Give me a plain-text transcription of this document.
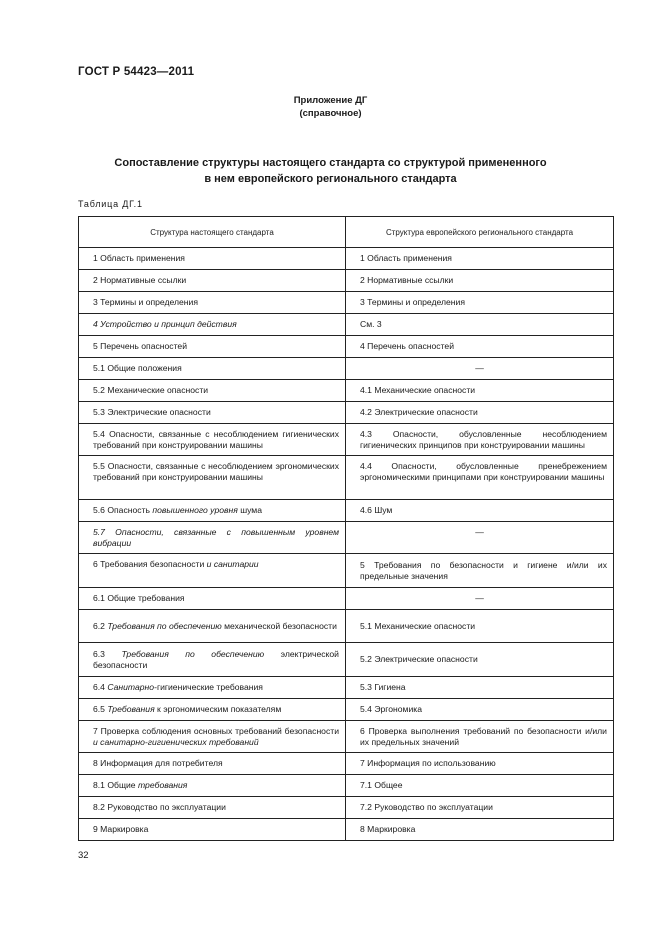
ГОСТ Р 54423—2011
Приложение ДГ
(справочное)
Сопоставление структуры настоящего стандарта со структурой примененного
в нем европейского регионального стандарта
Таблица ДГ.1
Структура настоящего стандарта	Структура европейского регионального стандарта
1 Область применения	1 Область применения
2 Нормативные ссылки	2 Нормативные ссылки
3 Термины и определения	3 Термины и определения
4 Устройство и принцип действия	См. 3
5 Перечень опасностей	4 Перечень опасностей
5.1 Общие положения	—
5.2 Механические опасности	4.1 Механические опасности
5.3 Электрические опасности	4.2 Электрические опасности
5.4 Опасности, связанные с несоблюдением гигиенических требований при конструировании машины	4.3 Опасности, обусловленные несоблюдением гигиенических принципов при конструировании машины
5.5 Опасности, связанные с несоблюдением эргономических требований при конструировании машины	4.4 Опасности, обусловленные пренебрежением эргономическими принципами при конструировании машины
5.6 Опасность повышенного уровня шума	4.6 Шум
5.7 Опасности, связанные с повышенным уровнем вибрации	—
6 Требования безопасности и санитарии	5 Требования по безопасности и гигиене и/или их предельные значения
6.1 Общие требования	—
6.2 Требования по обеспечению механической безопасности	5.1 Механические опасности
6.3 Требования по обеспечению электрической безопасности	5.2 Электрические опасности
6.4 Санитарно-гигиенические требования	5.3 Гигиена
6.5 Требования к эргономическим показателям	5.4 Эргономика
7 Проверка соблюдения основных требований безопасности и санитарно-гигиенических требований	6 Проверка выполнения требований по безопасности и/или их предельных значений
8 Информация для потребителя	7 Информация по использованию
8.1 Общие требования	7.1 Общее
8.2 Руководство по эксплуатации	7.2 Руководство по эксплуатации
9 Маркировка	8 Маркировка
32
